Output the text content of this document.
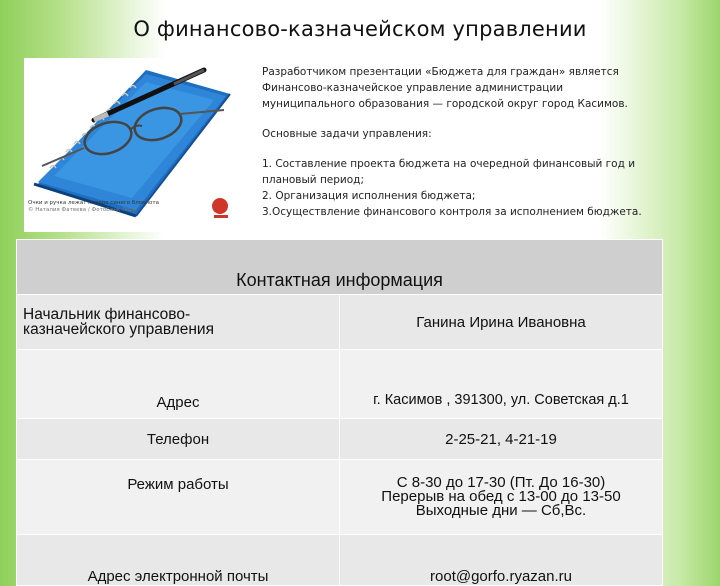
О финансово-казначейском управлении
Очки и ручка лежат поверх синего блокнота
© Наталия Фатеева / ФотоБанк Лори

Разработчиком презентации «Бюджета для граждан» является

Финансово-казначейское управление администрации

муниципального образования — городской округ город Касимов.

Основные задачи управления:

1. Составление проекта бюджета на очередной финансовый год и

плановый период;

2. Организация исполнения бюджета;

3.Осуществление финансового контроля за исполнением бюджета.

Контактная информация	

Начальник финансово-
казначейского управления	Ганина Ирина Ивановна
Адрес	г. Касимов , 391300, ул. Советская д.1
Телефон	2-25-21, 4-21-19
Режим работы	С 8-30 до 17-30 (Пт. До 16-30)
Перерыв на обед с 13-00 до 13-50
Выходные дни — Сб,Вс.

Адрес электронной почты	root@gorfo.ryazan.ru
